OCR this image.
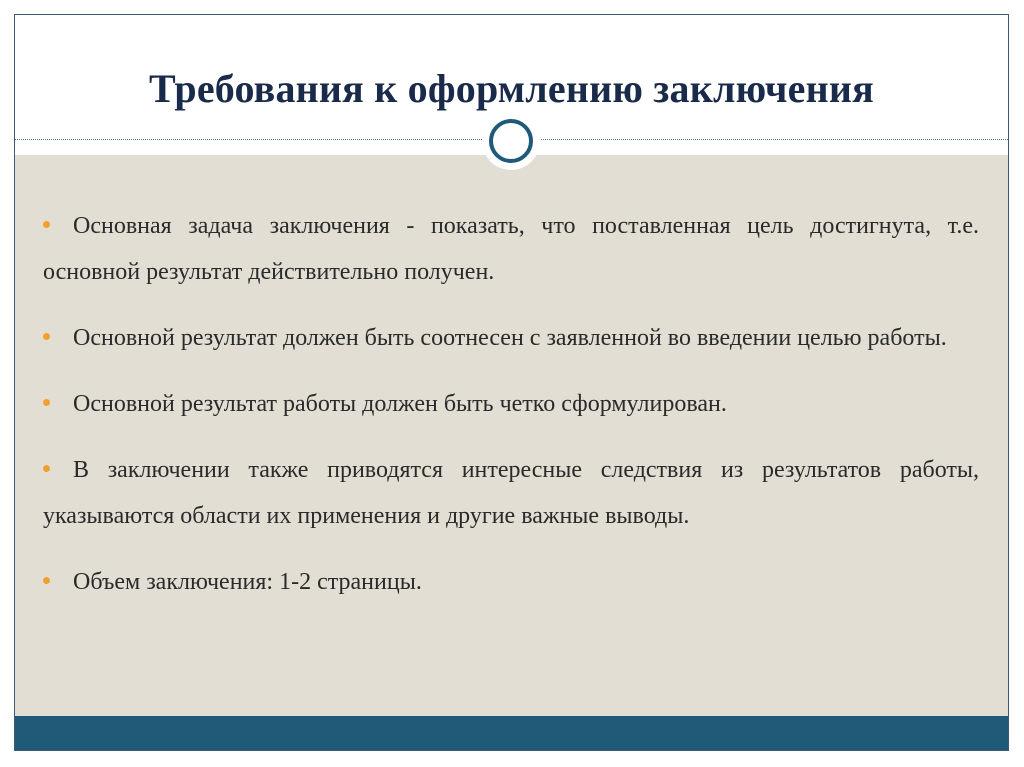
Требования к оформлению заключения
Основная задача заключения - показать, что поставленная цель достигнута, т.е. основной результат действительно получен.
Основной результат должен быть соотнесен с заявленной во введении целью работы.
Основной результат работы должен быть четко сформулирован.
В заключении также приводятся интересные следствия из результатов работы, указываются области их применения и другие важные выводы.
Объем заключения: 1-2 страницы.
